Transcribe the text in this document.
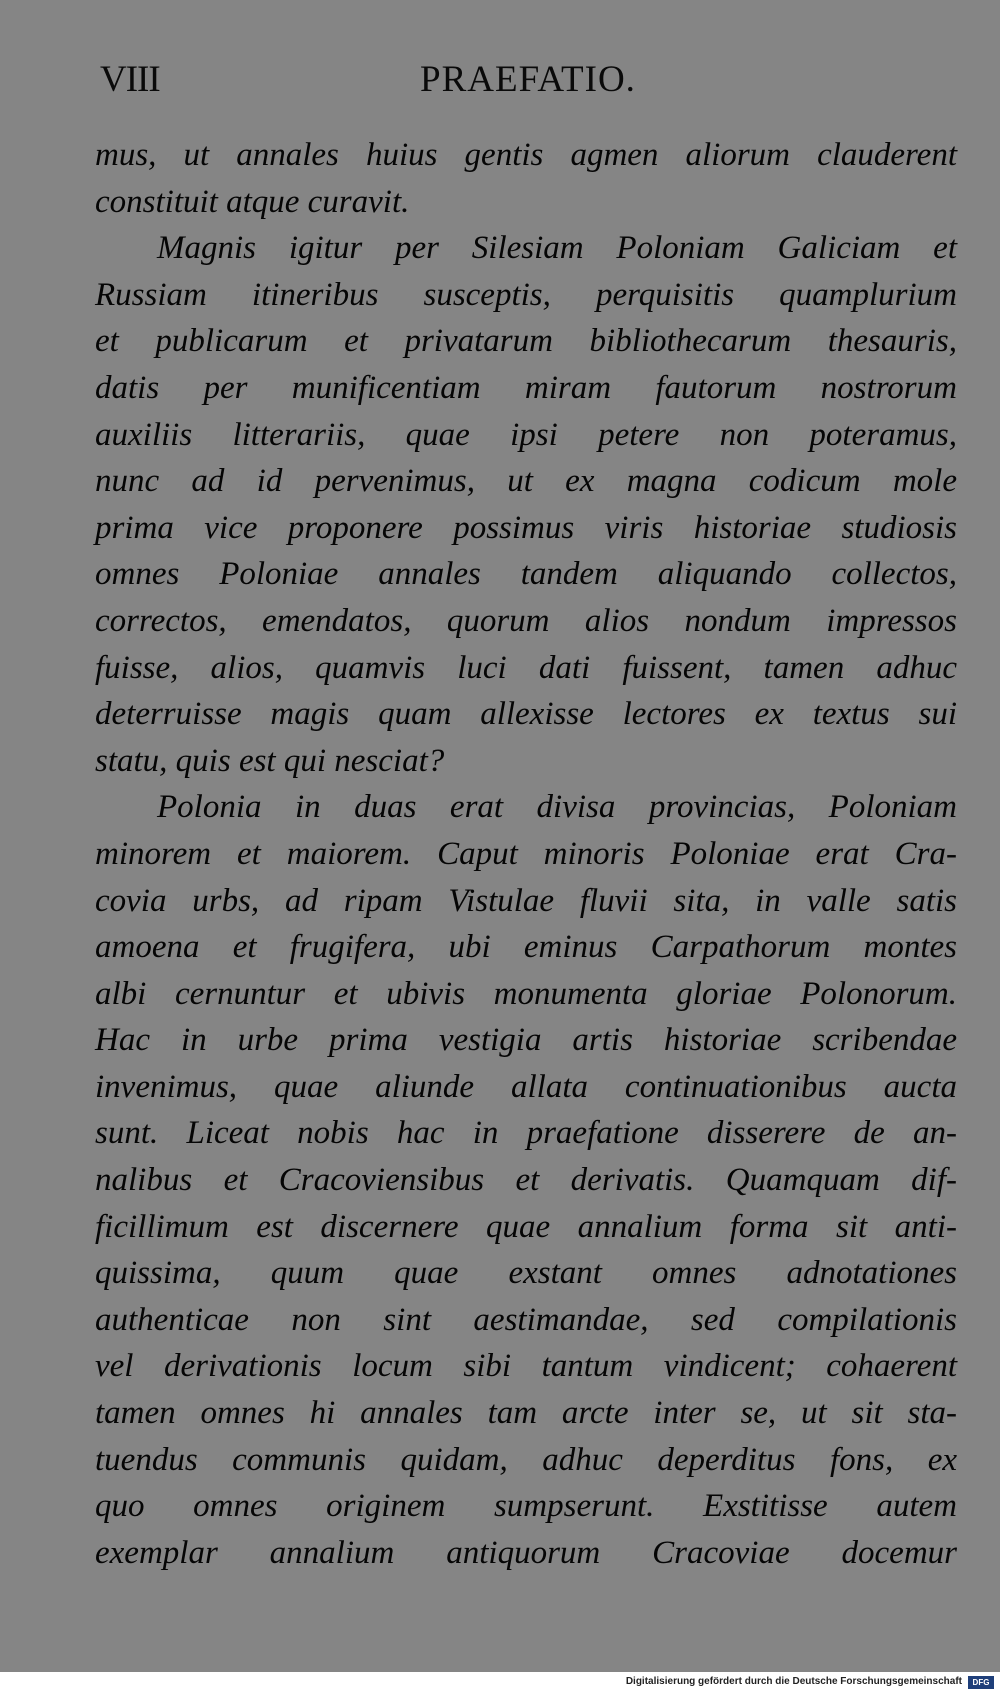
VIII	PRAEFATIO.
mus, ut annales huius gentis agmen aliorum clauderent
constituit atque curavit.
Magnis igitur per Silesiam Poloniam Galiciam et
Russiam itineribus susceptis, perquisitis quamplurium
et publicarum et privatarum bibliothecarum thesauris,
datis per munificentiam miram fautorum nostrorum
auxiliis litterariis, quae ipsi petere non poteramus,
nunc ad id pervenimus, ut ex magna codicum mole
prima vice proponere possimus viris historiae studiosis
omnes Poloniae annales tandem aliquando collectos,
correctos, emendatos, quorum alios nondum impressos
fuisse, alios, quamvis luci dati fuissent, tamen adhuc
deterruisse magis quam allexisse lectores ex textus sui
statu, quis est qui nesciat?
Polonia in duas erat divisa provincias, Poloniam
minorem et maiorem. Caput minoris Poloniae erat Cra-
covia urbs, ad ripam Vistulae fluvii sita, in valle satis
amoena et frugifera, ubi eminus Carpathorum montes
albi cernuntur et ubivis monumenta gloriae Polonorum.
Hac in urbe prima vestigia artis historiae scribendae
invenimus, quae aliunde allata continuationibus aucta
sunt. Liceat nobis hac in praefatione disserere de an-
nalibus et Cracoviensibus et derivatis. Quamquam dif-
ficillimum est discernere quae annalium forma sit anti-
quissima, quum quae exstant omnes adnotationes
authenticae non sint aestimandae, sed compilationis
vel derivationis locum sibi tantum vindicent; cohaerent
tamen omnes hi annales tam arcte inter se, ut sit sta-
tuendus communis quidam, adhuc deperditus fons, ex
quo omnes originem sumpserunt. Exstitisse autem
exemplar annalium antiquorum Cracoviae docemur
Digitalisierung gefördert durch die Deutsche Forschungsgemeinschaft	DFG
